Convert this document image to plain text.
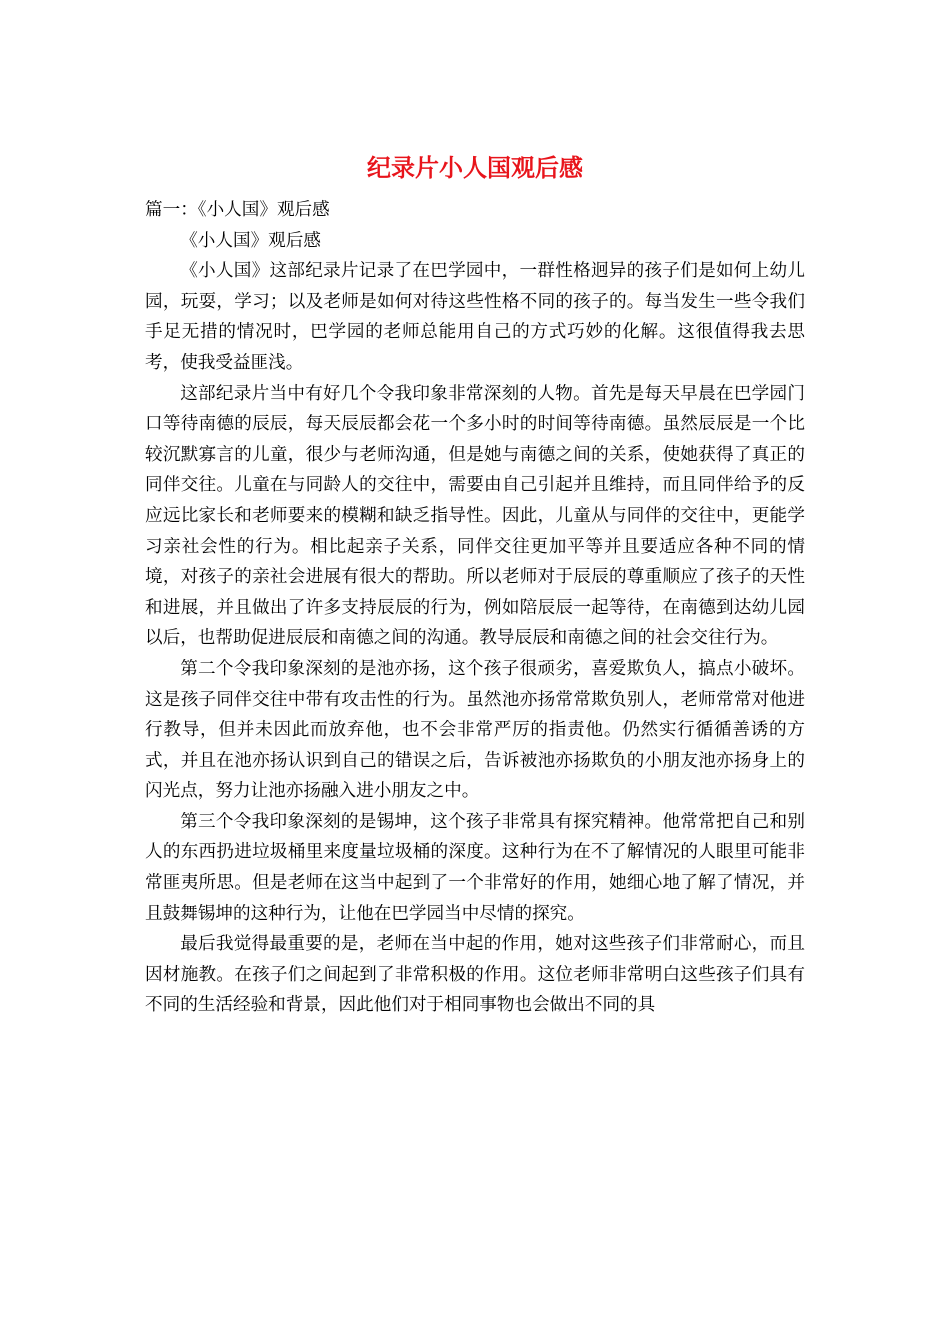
纪录片小人国观后感

篇一：《小人国》观后感

《小人国》观后感

《小人国》这部纪录片记录了在巴学园中，一群性格迥异的孩子们是如何上幼儿园，玩耍，学习；以及老师是如何对待这些性格不同的孩子的。每当发生一些令我们手足无措的情况时，巴学园的老师总能用自己的方式巧妙的化解。这很值得我去思考，使我受益匪浅。

这部纪录片当中有好几个令我印象非常深刻的人物。首先是每天早晨在巴学园门口等待南德的辰辰，每天辰辰都会花一个多小时的时间等待南德。虽然辰辰是一个比较沉默寡言的儿童，很少与老师沟通，但是她与南德之间的关系，使她获得了真正的同伴交往。儿童在与同龄人的交往中，需要由自己引起并且维持，而且同伴给予的反应远比家长和老师要来的模糊和缺乏指导性。因此，儿童从与同伴的交往中，更能学习亲社会性的行为。相比起亲子关系，同伴交往更加平等并且要适应各种不同的情境，对孩子的亲社会进展有很大的帮助。所以老师对于辰辰的尊重顺应了孩子的天性和进展，并且做出了许多支持辰辰的行为，例如陪辰辰一起等待，在南德到达幼儿园以后，也帮助促进辰辰和南德之间的沟通。教导辰辰和南德之间的社会交往行为。

第二个令我印象深刻的是池亦扬，这个孩子很顽劣，喜爱欺负人，搞点小破坏。这是孩子同伴交往中带有攻击性的行为。虽然池亦扬常常欺负别人，老师常常对他进行教导，但并未因此而放弃他，也不会非常严厉的指责他。仍然实行循循善诱的方式，并且在池亦扬认识到自己的错误之后，告诉被池亦扬欺负的小朋友池亦扬身上的闪光点，努力让池亦扬融入进小朋友之中。

第三个令我印象深刻的是锡坤，这个孩子非常具有探究精神。他常常把自己和别人的东西扔进垃圾桶里来度量垃圾桶的深度。这种行为在不了解情况的人眼里可能非常匪夷所思。但是老师在这当中起到了一个非常好的作用，她细心地了解了情况，并且鼓舞锡坤的这种行为，让他在巴学园当中尽情的探究。

最后我觉得最重要的是，老师在当中起的作用，她对这些孩子们非常耐心，而且因材施教。在孩子们之间起到了非常积极的作用。这位老师非常明白这些孩子们具有不同的生活经验和背景，因此他们对于相同事物也会做出不同的具
